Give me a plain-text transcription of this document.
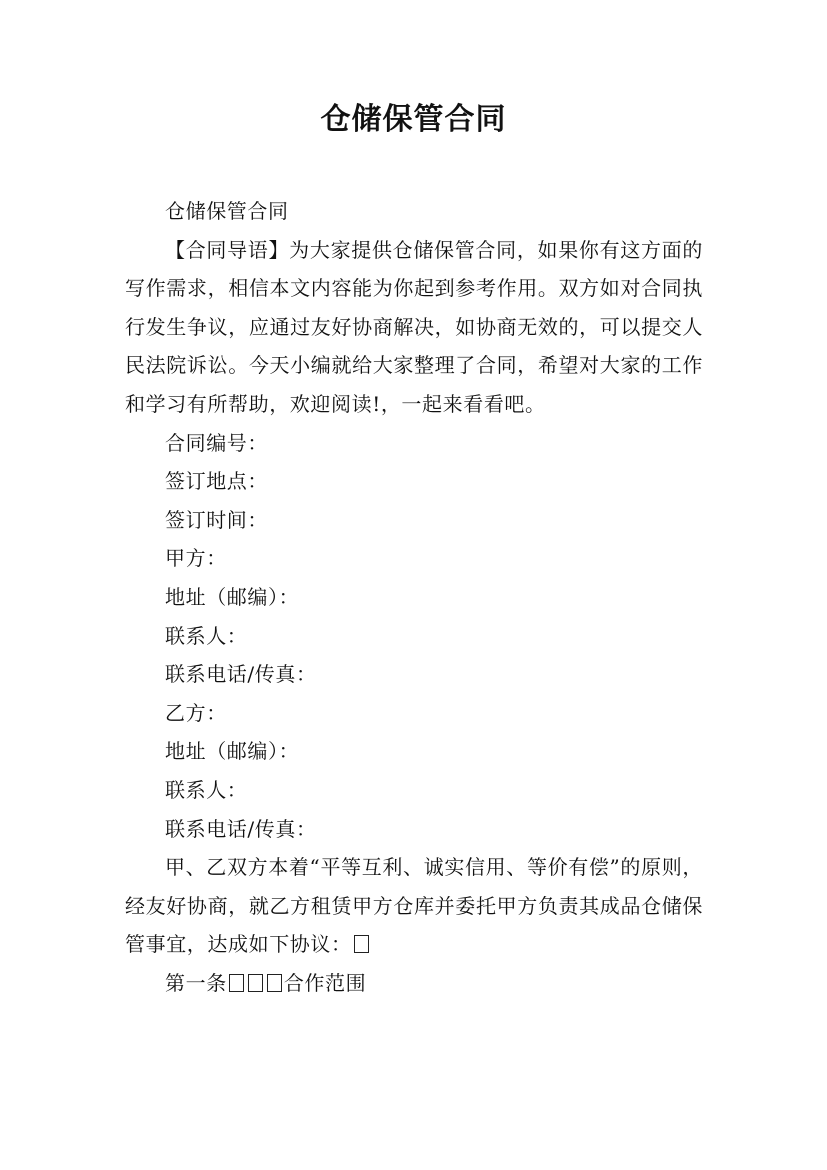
仓储保管合同

仓储保管合同

【合同导语】为大家提供仓储保管合同，如果你有这方面的写作需求，相信本文内容能为你起到参考作用。双方如对合同执行发生争议，应通过友好协商解决，如协商无效的，可以提交人民法院诉讼。今天小编就给大家整理了合同，希望对大家的工作和学习有所帮助，欢迎阅读!，一起来看看吧。

合同编号：

签订地点：

签订时间：

甲方：

地址（邮编）：

联系人：

联系电话/传真：

乙方：

地址（邮编）：

联系人：

联系电话/传真：

甲、乙双方本着“平等互利、诚实信用、等价有偿”的原则，经友好协商，就乙方租赁甲方仓库并委托甲方负责其成品仓储保管事宜，达成如下协议：

第一条	合作范围
